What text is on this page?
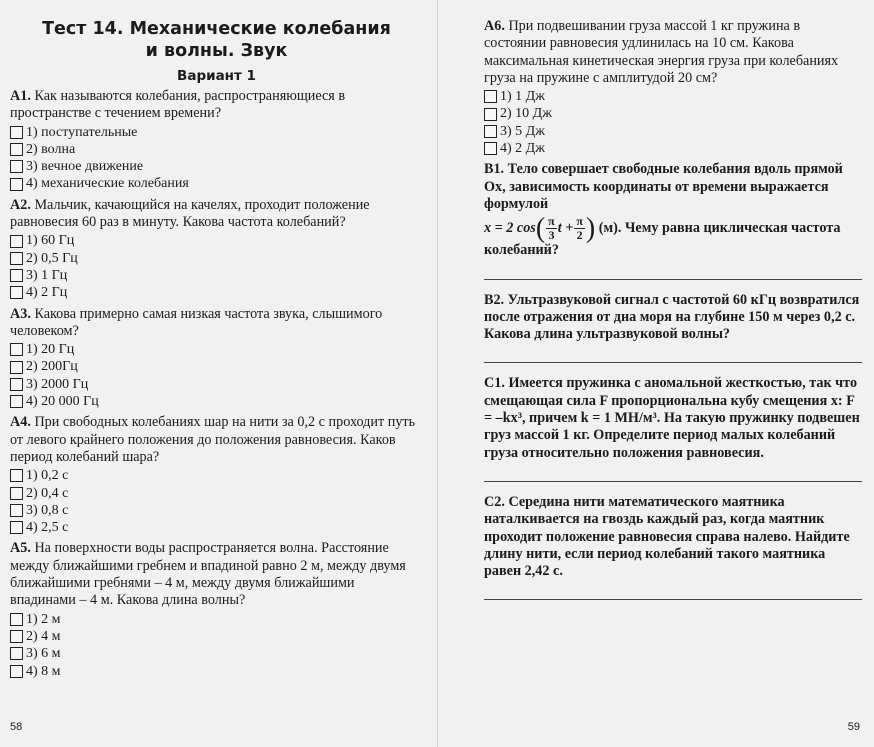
Тест 14. Механические колебания

и волны. Звук

Вариант 1

А1. Как называются колебания, распространяющиеся в пространстве с течением времени?

1) поступательные
2) волна
3) вечное движение
4) механические колебания

А2. Мальчик, качающийся на качелях, проходит положение равновесия 60 раз в минуту. Какова частота колебаний?

1) 60 Гц
2) 0,5 Гц
3) 1 Гц
4) 2 Гц

А3. Какова примерно самая низкая частота звука, слышимого человеком?

1) 20 Гц
2) 200Гц
3) 2000 Гц
4) 20 000 Гц

А4. При свободных колебаниях шар на нити за 0,2 с проходит путь от левого крайнего положения до положения равновесия. Каков период колебаний шара?

1) 0,2 с
2) 0,4 с
3) 0,8 с
4) 2,5 с

А5. На поверхности воды распространяется волна. Расстояние между ближайшими гребнем и впадиной равно 2 м, между двумя ближайшими гребнями – 4 м, между двумя ближайшими впадинами – 4 м. Какова длина волны?

1) 2 м
2) 4 м
3) 6 м
4) 8 м
58

А6. При подвешивании груза массой 1 кг пружина в состоянии равновесия удлинилась на 10 см. Какова максимальная кинетическая энергия груза при колебаниях груза на пружине с амплитудой 20 см?

1) 1 Дж
2) 10 Дж
3) 5 Дж
4) 2 Дж

В1. Тело совершает свободные колебания вдоль прямой Ox, зависимость координаты от времени выражается формулой

x = 2 $\cos( \frac{\pi}{3}$ $t + \frac{\pi}{2}$ ) (м). Чему равна циклическая частота колебаний?

В2. Ультразвуковой сигнал с частотой 60 кГц возвратился после отражения от дна моря на глубине 150 м через 0,2 с. Какова длина ультразвуковой волны?

С1. Имеется пружинка с аномальной жесткостью, так что смещающая сила F пропорциональна кубу смещения x: F = –kx³, причем k = 1 МН/м³. На такую пружинку подвешен груз массой 1 кг. Определите период малых колебаний груза относительно положения равновесия.

С2. Середина нити математического маятника наталкивается на гвоздь каждый раз, когда маятник проходит положение равновесия справа налево. Найдите длину нити, если период колебаний такого маятника равен 2,42 с.

59
